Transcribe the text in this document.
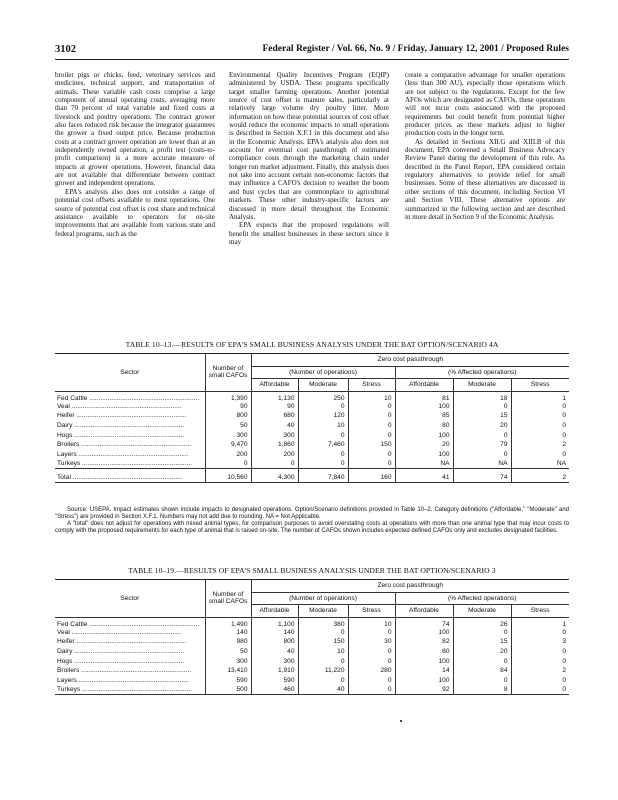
3102	Federal Register / Vol. 66, No. 9 / Friday, January 12, 2001 / Proposed Rules

broiler pigs or chicks, feed, veterinary services and medicines, technical support, and transportation of animals. These variable cash costs comprise a large component of annual operating costs, averaging more than 70 percent of total variable and fixed costs at livestock and poultry operations. The contract grower also faces reduced risk because the integrator guarantees the grower a fixed output price. Because production costs at a contract grower operation are lower than at an independently owned operation, a profit test (costs-to-profit comparison) is a more accurate measure of impacts at grower operations. However, financial data are not available that differentiate between contract grower and independent operations.

EPA's analysis also does not consider a range of potential cost offsets available to most operations. One source of potential cost offset is cost share and technical assistance available to operators for on-site improvements that are available from various state and federal programs, such as the

Environmental Quality Incentives Program (EQIP) administered by USDA. These programs specifically target smaller farming operations. Another potential source of cost offset is manure sales, particularly at relatively large volume dry poultry litter. More information on how these potential sources of cost offset would reduce the economic impacts to small operations is described in Section X.F.1 in this document and also in the Economic Analysis. EPA's analysis also does not account for eventual cost passthrough of estimated compliance costs through the marketing chain under longer run market adjustment. Finally, this analysis does not take into account certain non-economic factors that may influence a CAFO's decision to weather the boom and bust cycles that are commonplace in agricultural markets. These other industry-specific factors are discussed in more detail throughout the Economic Analysis.

EPA expects that the proposed regulations will benefit the smallest businesses in these sectors since it may

create a comparative advantage for smaller operations (less than 300 AU), especially those operations which are not subject to the regulations. Except for the few AFOs which are designated as CAFOs, these operations will not incur costs associated with the proposed requirements but could benefit from potential higher producer prices as these markets adjust to higher production costs in the longer term.

As detailed in Sections XII.G and XIII.B of this document, EPA convened a Small Business Advocacy Review Panel during the development of this rule. As described in the Panel Report, EPA considered certain regulatory alternatives to provide relief for small businesses. Some of these alternatives are discussed in other sections of this document, including Section VI and Section VIII. These alternative options are summarized in the following section and are described in more detail in Section 9 of the Economic Analysis.

TABLE 10–13.—RESULTS OF EPA'S SMALL BUSINESS ANALYSIS UNDER THE BAT OPTION/SCENARIO 4A
Sector	Number of small CAFOs	Zero cost passthrough					
		(Number of operations)			(% Affected operations)		
		Affordable	Moderate	Stress	Affordable	Moderate	Stress
Fed Cattle ............................................................	1,390	1,130	250	10	81	18	1
Veal ............................................................	90	90	0	0	100	0	0
Heifer ............................................................	800	680	120	0	85	15	0
Dairy ............................................................	50	40	10	0	80	20	0
Hogs ............................................................	300	300	0	0	100	0	0
Broilers ............................................................	9,470	1,860	7,460	150	20	79	2
Layers ............................................................	200	200	0	0	100	0	0
Turkeys ............................................................	0	0	0	0	NA	NA	NA
Total ............................................................	10,560	4,300	7,840	160	41	74	2

Source: USEPA. Impact estimates shown include impacts to designated operations. Option/Scenario definitions provided in Table 10–2. Category definitions ("Affordable," "Moderate" and "Stress") are provided in Section X.F.1. Numbers may not add due to rounding. NA = Not Applicable.

A "total" does not adjust for operations with mixed animal types, for comparison purposes to avoid overstating costs at operations with more than one animal type that may incur costs to comply with the proposed requirements for each type of animal that is raised on-site. The number of CAFOs shown includes expected defined CAFOs only and excludes designated facilities.

TABLE 10–19.—RESULTS OF EPA'S SMALL BUSINESS ANALYSIS UNDER THE BAT OPTION/SCENARIO 3
Sector	Number of small CAFOs	Zero cost passthrough					
		(Number of operations)			(% Affected operations)		
		Affordable	Moderate	Stress	Affordable	Moderate	Stress
Fed Cattle ............................................................	1,490	1,100	380	10	74	26	1
Veal ............................................................	140	140	0	0	100	0	0
Heifer ............................................................	980	800	150	30	82	15	3
Dairy ............................................................	50	40	10	0	80	20	0
Hogs ............................................................	300	300	0	0	100	0	0
Broilers ............................................................	13,410	1,910	11,220	280	14	84	2
Layers ............................................................	590	590	0	0	100	0	0
Turkeys ............................................................	500	460	40	0	92	8	0
